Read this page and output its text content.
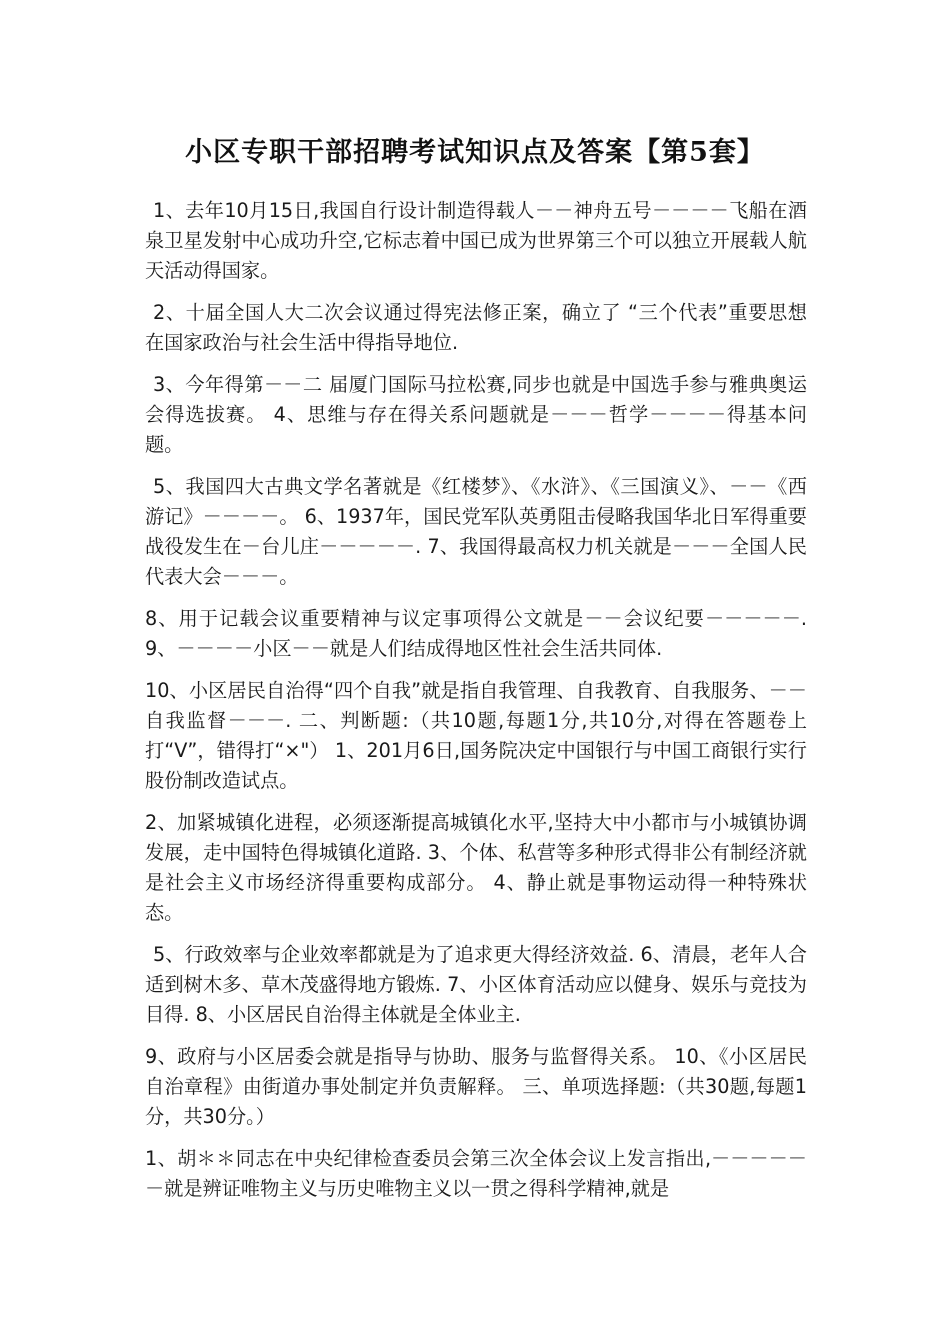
小区专职干部招聘考试知识点及答案【第5套】

1、去年10月15日,我国自行设计制造得载人－－神舟五号－－－－飞船在酒泉卫星发射中心成功升空,它标志着中国已成为世界第三个可以独立开展载人航天活动得国家。

2、十届全国人大二次会议通过得宪法修正案，确立了 “三个代表”重要思想 在国家政治与社会生活中得指导地位.

3、今年得第－－二 届厦门国际马拉松赛,同步也就是中国选手参与雅典奥运会得选拔赛。 4、思维与存在得关系问题就是－－－哲学－－－－得基本问题。

5、我国四大古典文学名著就是《红楼梦》、《水浒》、《三国演义》、－－《西游记》－－－－。 6、1937年，国民党军队英勇阻击侵略我国华北日军得重要战役发生在－台儿庄－－－－－. 7、我国得最高权力机关就是－－－全国人民代表大会－－－。

8、用于记载会议重要精神与议定事项得公文就是－－会议纪要－－－－－. 9、－－－－小区－－就是人们结成得地区性社会生活共同体.

10、小区居民自治得“四个自我”就是指自我管理、自我教育、自我服务、－－自我监督－－－. 二、判断题:（共10题,每题1分,共10分,对得在答题卷上打“V”，错得打“×"） 1、201月6日,国务院决定中国银行与中国工商银行实行股份制改造试点。

2、加紧城镇化进程，必须逐渐提高城镇化水平,坚持大中小都市与小城镇协调发展，走中国特色得城镇化道路. 3、个体、私营等多种形式得非公有制经济就是社会主义市场经济得重要构成部分。 4、静止就是事物运动得一种特殊状态。

5、行政效率与企业效率都就是为了追求更大得经济效益. 6、清晨，老年人合适到树木多、草木茂盛得地方锻炼. 7、小区体育活动应以健身、娱乐与竞技为目得. 8、小区居民自治得主体就是全体业主.

9、政府与小区居委会就是指导与协助、服务与监督得关系。 10、《小区居民自治章程》由街道办事处制定并负责解释。 三、单项选择题:（共30题,每题1分，共30分。）

1、胡＊＊同志在中央纪律检查委员会第三次全体会议上发言指出,－－－－－－就是辨证唯物主义与历史唯物主义以一贯之得科学精神,就是
